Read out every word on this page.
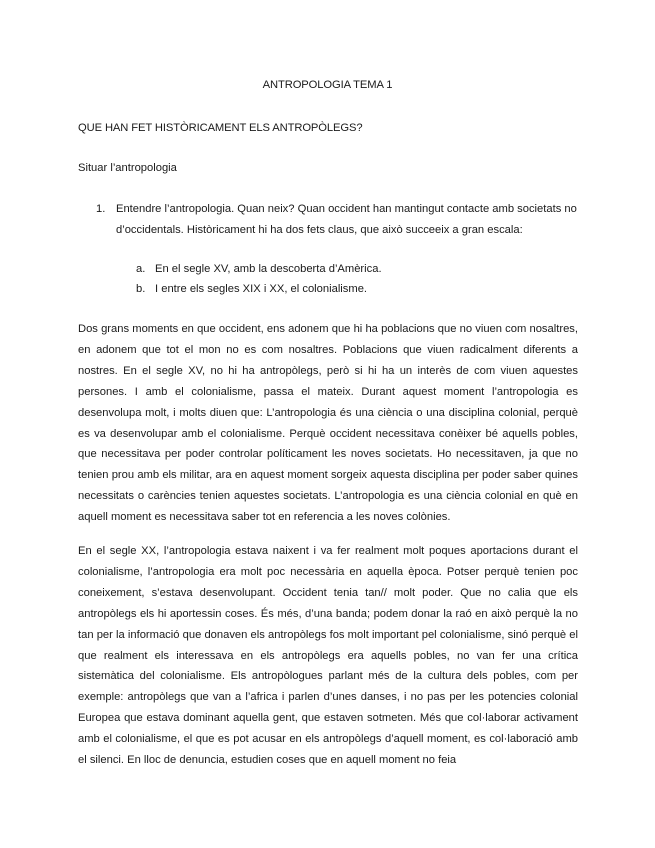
ANTROPOLOGIA TEMA 1
QUE HAN FET HISTÒRICAMENT ELS ANTROPÒLEGS?
Situar l’antropologia
1. Entendre l’antropologia. Quan neix? Quan occident han mantingut contacte amb societats no d’occidentals. Històricament hi ha dos fets claus, que això succeeix a gran escala:
a. En el segle XV, amb la descoberta d’Amèrica.
b. I entre els segles XIX i XX, el colonialisme.

Dos grans moments en que occident, ens adonem que hi ha poblacions que no viuen com nosaltres, en adonem que tot el mon no es com nosaltres. Poblacions que viuen radicalment diferents a nostres. En el segle XV, no hi ha antropòlegs, però si hi ha un interès de com viuen aquestes persones. I amb el colonialisme, passa el mateix. Durant aquest moment l’antropologia es desenvolupa molt, i molts diuen que: L’antropologia és una ciència o una disciplina colonial, perquè es va desenvolupar amb el colonialisme. Perquè occident necessitava conèixer bé aquells pobles, que necessitava per poder controlar políticament les noves societats. Ho necessitaven, ja que no tenien prou amb els militar, ara en aquest moment sorgeix aquesta disciplina per poder saber quines necessitats o carències tenien aquestes societats. L’antropologia es una ciència colonial en què en aquell moment es necessitava saber tot en referencia a les noves colònies.

En el segle XX, l’antropologia estava naixent i va fer realment molt poques aportacions durant el colonialisme, l’antropologia era molt poc necessària en aquella època. Potser perquè tenien poc coneixement, s’estava desenvolupant. Occident tenia tan// molt poder. Que no calia que els antropòlegs els hi aportessin coses. És més, d’una banda; podem donar la raó en això perquè la no tan per la informació que donaven els antropòlegs fos molt important pel colonialisme, sinó perquè el que realment els interessava en els antropòlegs era aquells pobles, no van fer una crítica sistemàtica del colonialisme. Els antropòlogues parlant més de la cultura dels pobles, com per exemple: antropòlegs que van a l’africa i parlen d’unes danses, i no pas per les potencies colonial Europea que estava dominant aquella gent, que estaven sotmeten. Més que col·laborar activament amb el colonialisme, el que es pot acusar en els antropòlegs d’aquell moment, es col·laboració amb el silenci. En lloc de denuncia, estudien coses que en aquell moment no feia
